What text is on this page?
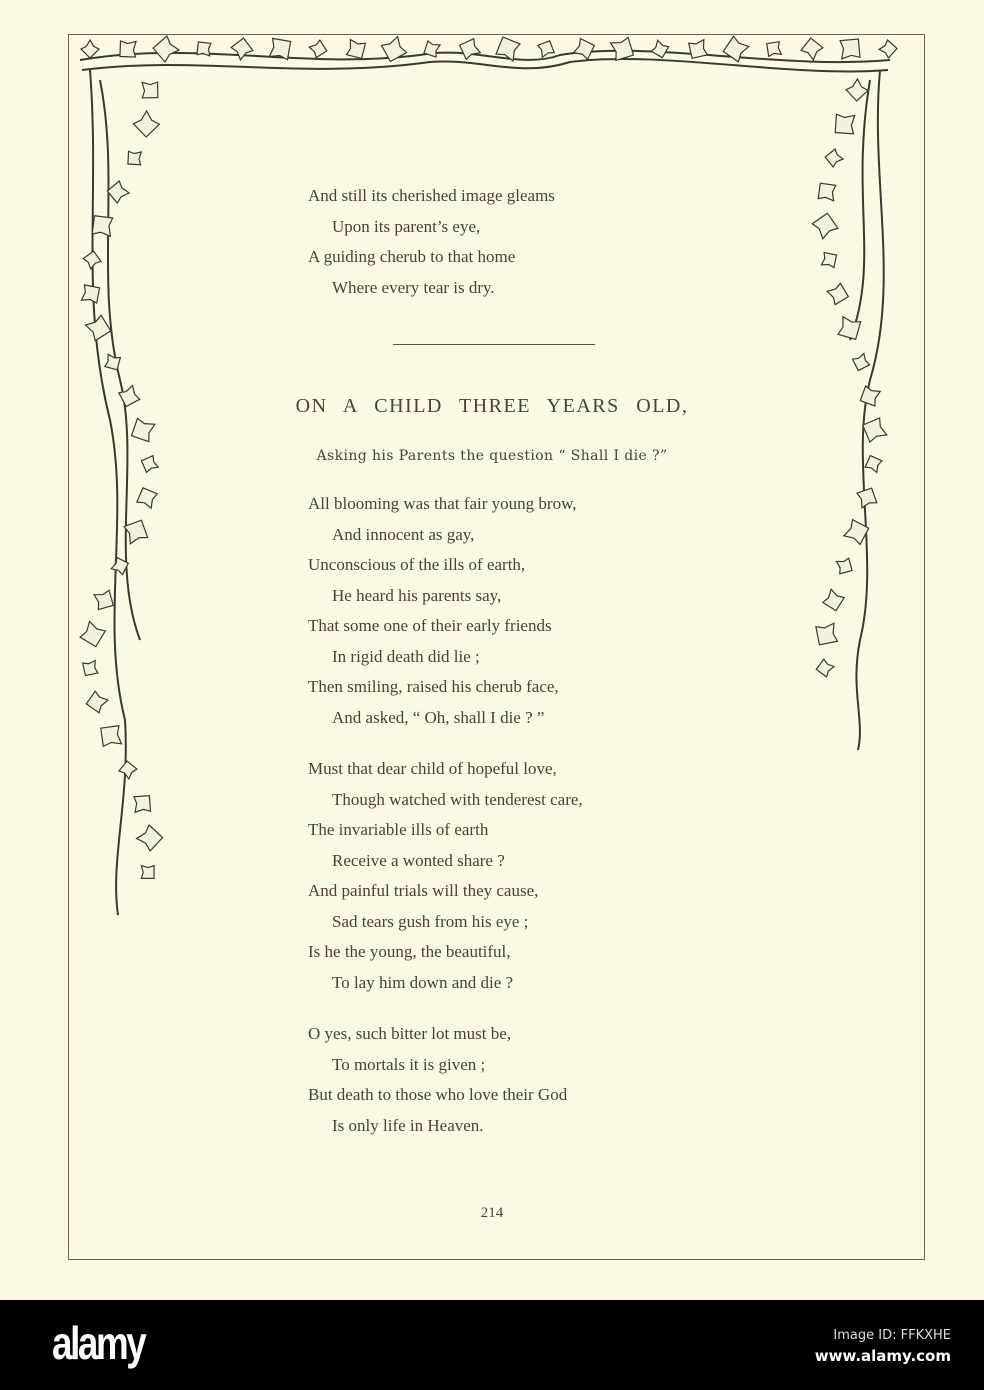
And still its cherished image gleams
Upon its parent’s eye,
A guiding cherub to that home
Where every tear is dry.
ON A CHILD THREE YEARS OLD,
Asking his Parents the question “ Shall I die ?”
All blooming was that fair young brow,
And innocent as gay,
Unconscious of the ills of earth,
He heard his parents say,
That some one of their early friends
In rigid death did lie ;
Then smiling, raised his cherub face,
And asked, “ Oh, shall I die ? ”
Must that dear child of hopeful love,
Though watched with tenderest care,
The invariable ills of earth
Receive a wonted share ?
And painful trials will they cause,
Sad tears gush from his eye ;
Is he the young, the beautiful,
To lay him down and die ?
O yes, such bitter lot must be,
To mortals it is given ;
But death to those who love their God
Is only life in Heaven.
214
alamy	Image ID: FFKXHE
www.alamy.com
